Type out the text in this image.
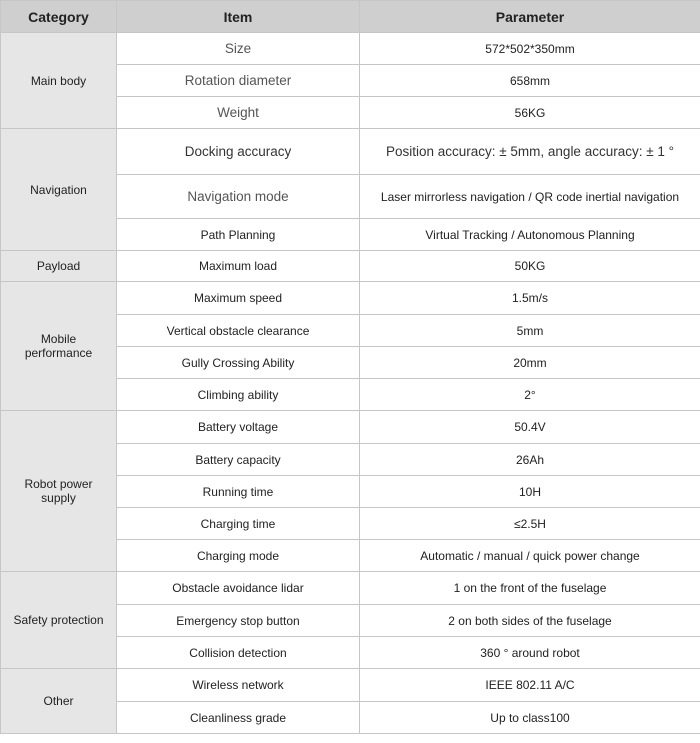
Category	Item	Parameter
Main body	Size	572*502*350mm
	Rotation diameter	658mm
	Weight	56KG
Navigation	Docking accuracy	Position accuracy: ± 5mm, angle accuracy: ± 1 °
	Navigation mode	Laser mirrorless navigation / QR code inertial navigation
	Path Planning	Virtual Tracking / Autonomous Planning
Payload	Maximum load	50KG
Mobile performance	Maximum speed	1.5m/s
	Vertical obstacle clearance	5mm
	Gully Crossing Ability	20mm
	Climbing ability	2°
Robot power supply	Battery voltage	50.4V
	Battery capacity	26Ah
	Running time	10H
	Charging time	≤2.5H
	Charging mode	Automatic / manual / quick power change
Safety protection	Obstacle avoidance lidar	1 on the front of the fuselage
	Emergency stop button	2 on both sides of the fuselage
	Collision detection	360 ° around robot
Other	Wireless network	IEEE 802.11 A/C
	Cleanliness grade	Up to class100
